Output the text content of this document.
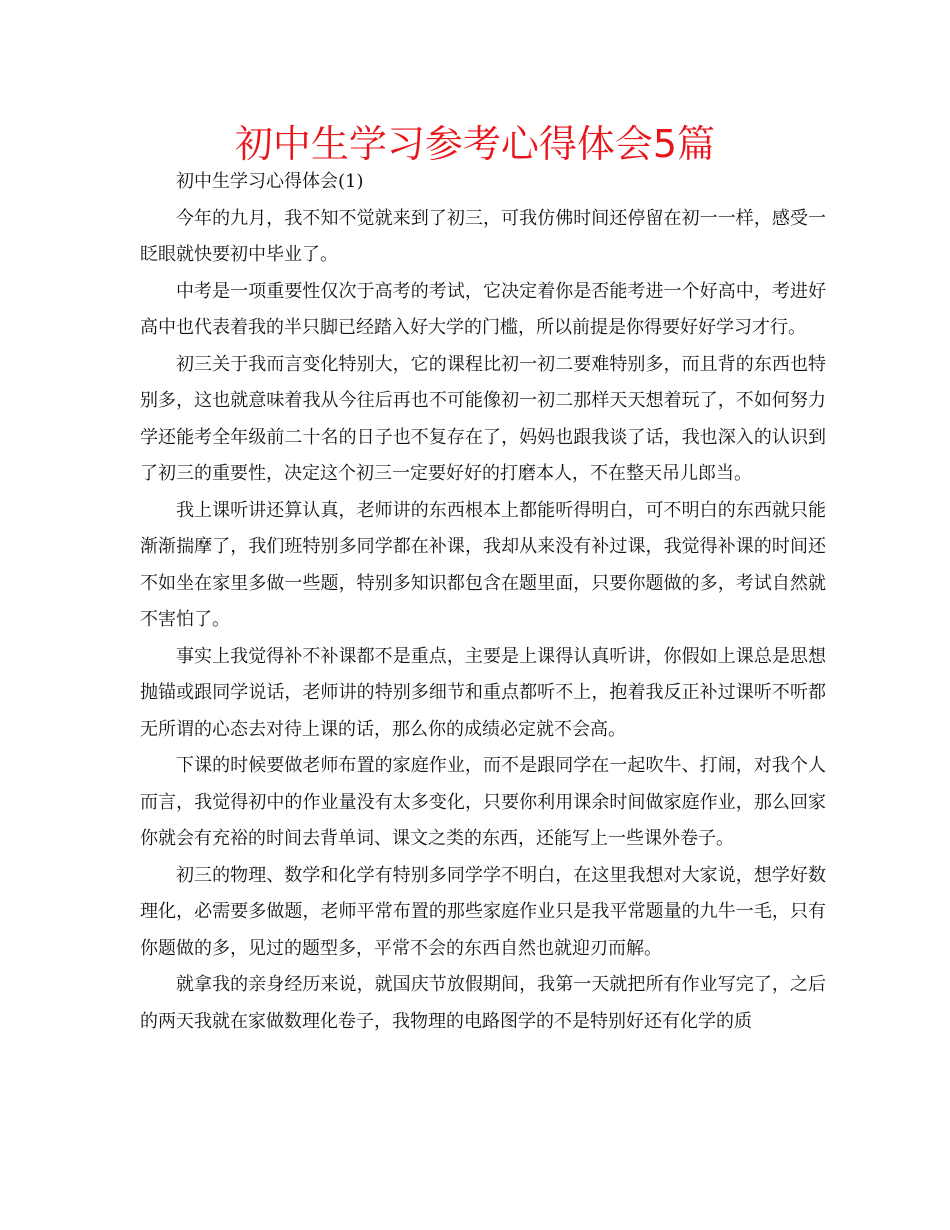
初中生学习参考心得体会5篇

初中生学习心得体会(1)

今年的九月，我不知不觉就来到了初三，可我仿佛时间还停留在初一一样，感受一眨眼就快要初中毕业了。

中考是一项重要性仅次于高考的考试，它决定着你是否能考进一个好高中，考进好高中也代表着我的半只脚已经踏入好大学的门槛，所以前提是你得要好好学习才行。

初三关于我而言变化特别大，它的课程比初一初二要难特别多，而且背的东西也特别多，这也就意味着我从今往后再也不可能像初一初二那样天天想着玩了，不如何努力学还能考全年级前二十名的日子也不复存在了，妈妈也跟我谈了话，我也深入的认识到了初三的重要性，决定这个初三一定要好好的打磨本人，不在整天吊儿郎当。

我上课听讲还算认真，老师讲的东西根本上都能听得明白，可不明白的东西就只能渐渐揣摩了，我们班特别多同学都在补课，我却从来没有补过课，我觉得补课的时间还不如坐在家里多做一些题，特别多知识都包含在题里面，只要你题做的多，考试自然就不害怕了。

事实上我觉得补不补课都不是重点，主要是上课得认真听讲，你假如上课总是思想抛锚或跟同学说话，老师讲的特别多细节和重点都听不上，抱着我反正补过课听不听都无所谓的心态去对待上课的话，那么你的成绩必定就不会高。

下课的时候要做老师布置的家庭作业，而不是跟同学在一起吹牛、打闹，对我个人而言，我觉得初中的作业量没有太多变化，只要你利用课余时间做家庭作业，那么回家你就会有充裕的时间去背单词、课文之类的东西，还能写上一些课外卷子。

初三的物理、数学和化学有特别多同学学不明白，在这里我想对大家说，想学好数理化，必需要多做题，老师平常布置的那些家庭作业只是我平常题量的九牛一毛，只有你题做的多，见过的题型多，平常不会的东西自然也就迎刃而解。

就拿我的亲身经历来说，就国庆节放假期间，我第一天就把所有作业写完了，之后的两天我就在家做数理化卷子，我物理的电路图学的不是特别好还有化学的质
